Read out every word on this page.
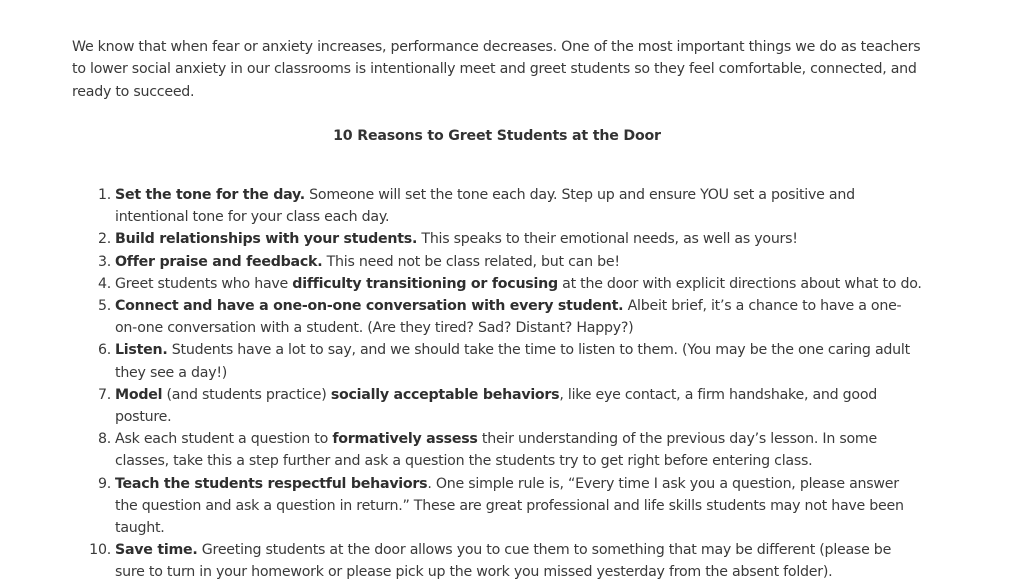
We know that when fear or anxiety increases, performance decreases. One of the most important things we do as teachers to lower social anxiety in our classrooms is intentionally meet and greet students so they feel comfortable, connected, and ready to succeed.

10 Reasons to Greet Students at the Door
1. Set the tone for the day. Someone will set the tone each day. Step up and ensure YOU set a positive and intentional tone for your class each day.
2. Build relationships with your students. This speaks to their emotional needs, as well as yours!
3. Offer praise and feedback. This need not be class related, but can be!
4. Greet students who have difficulty transitioning or focusing at the door with explicit directions about what to do.
5. Connect and have a one-on-one conversation with every student. Albeit brief, it’s a chance to have a one-on-one conversation with a student. (Are they tired? Sad? Distant? Happy?)
6. Listen. Students have a lot to say, and we should take the time to listen to them. (You may be the one caring adult they see a day!)
7. Model (and students practice) socially acceptable behaviors, like eye contact, a firm handshake, and good posture.
8. Ask each student a question to formatively assess their understanding of the previous day’s lesson. In some classes, take this a step further and ask a question the students try to get right before entering class.
9. Teach the students respectful behaviors. One simple rule is, “Every time I ask you a question, please answer the question and ask a question in return.” These are great professional and life skills students may not have been taught.
10. Save time. Greeting students at the door allows you to cue them to something that may be different (please be sure to turn in your homework or please pick up the work you missed yesterday from the absent folder).
